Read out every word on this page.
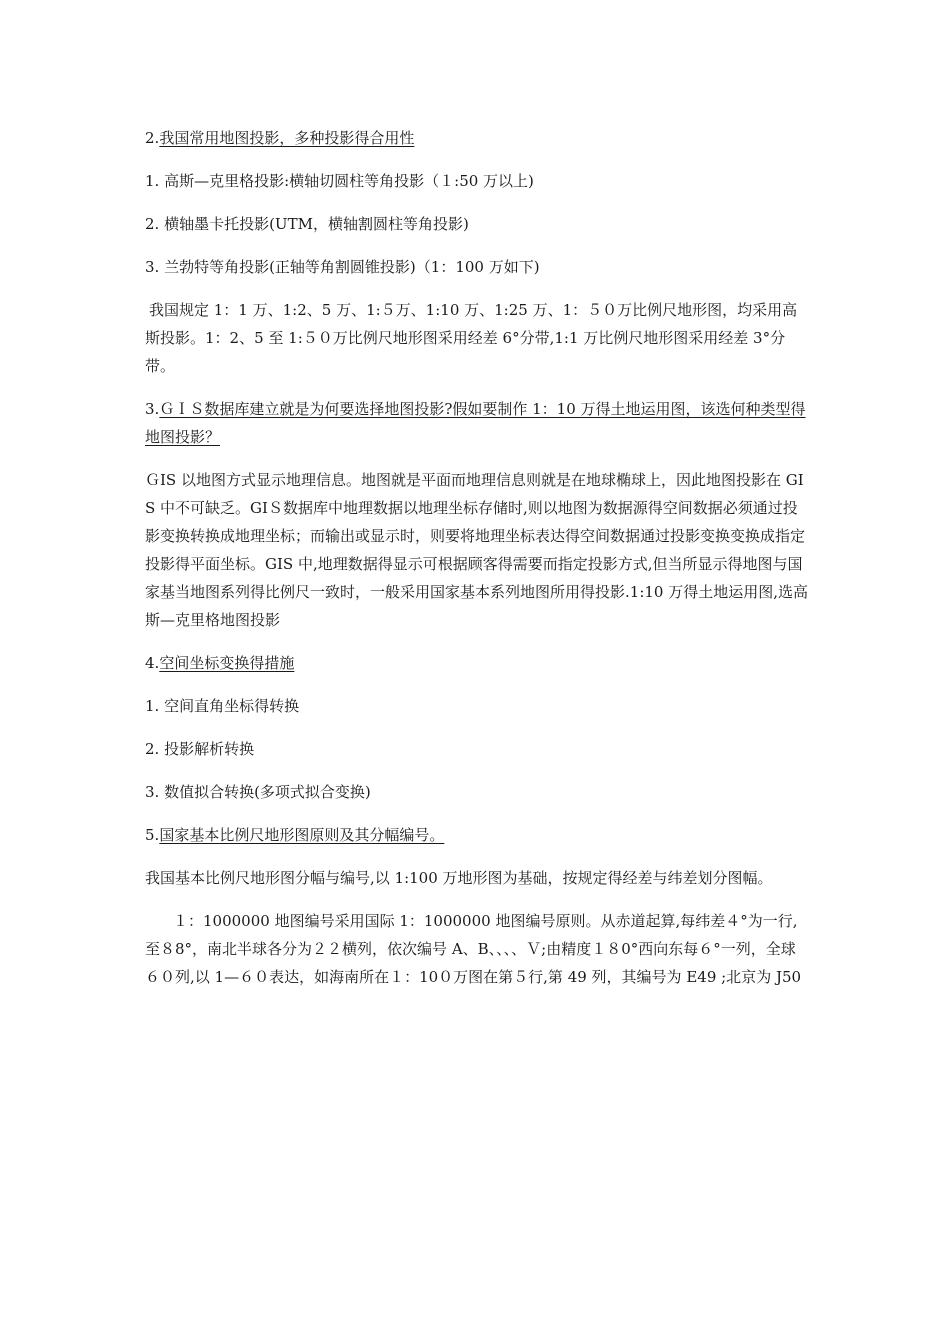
2.我国常用地图投影，多种投影得合用性

1. 高斯—克里格投影:横轴切圆柱等角投影（１:50 万以上)

2. 横轴墨卡托投影(UTM，横轴割圆柱等角投影)

3. 兰勃特等角投影(正轴等角割圆锥投影)（1：100 万如下)

我国规定 1：1 万、1:2、5 万、1:５万、1:10 万、1:25 万、1：５０万比例尺地形图，均采用高斯投影。1：2、5 至 1:５０万比例尺地形图采用经差 6°分带,1:1 万比例尺地形图采用经差 3°分带。

3.ＧＩＳ数据库建立就是为何要选择地图投影?假如要制作 1：10 万得土地运用图，该选何种类型得地图投影？

ＧIS 以地图方式显示地理信息。地图就是平面而地理信息则就是在地球椭球上，因此地图投影在 GIS 中不可缺乏。GIＳ数据库中地理数据以地理坐标存储时,则以地图为数据源得空间数据必须通过投影变换转换成地理坐标；而输出或显示时，则要将地理坐标表达得空间数据通过投影变换变换成指定投影得平面坐标。GIS 中,地理数据得显示可根据顾客得需要而指定投影方式,但当所显示得地图与国家基当地图系列得比例尺一致时，一般采用国家基本系列地图所用得投影.1:10 万得土地运用图,选高斯—克里格地图投影

4.空间坐标变换得措施

1. 空间直角坐标得转换

2. 投影解析转换

3. 数值拟合转换(多项式拟合变换)

5.国家基本比例尺地形图原则及其分幅编号。

我国基本比例尺地形图分幅与编号,以 1:100 万地形图为基础，按规定得经差与纬差划分图幅。

１：1000000 地图编号采用国际 1：1000000 地图编号原则。从赤道起算,每纬差４°为一行,至８8°，南北半球各分为２２横列，依次编号 A、B、、、、Ｖ;由精度１８0°西向东每６°一列，全球６０列,以 1—６０表达，如海南所在１：10０万图在第５行,第 49 列，其编号为 E49 ;北京为 J50
